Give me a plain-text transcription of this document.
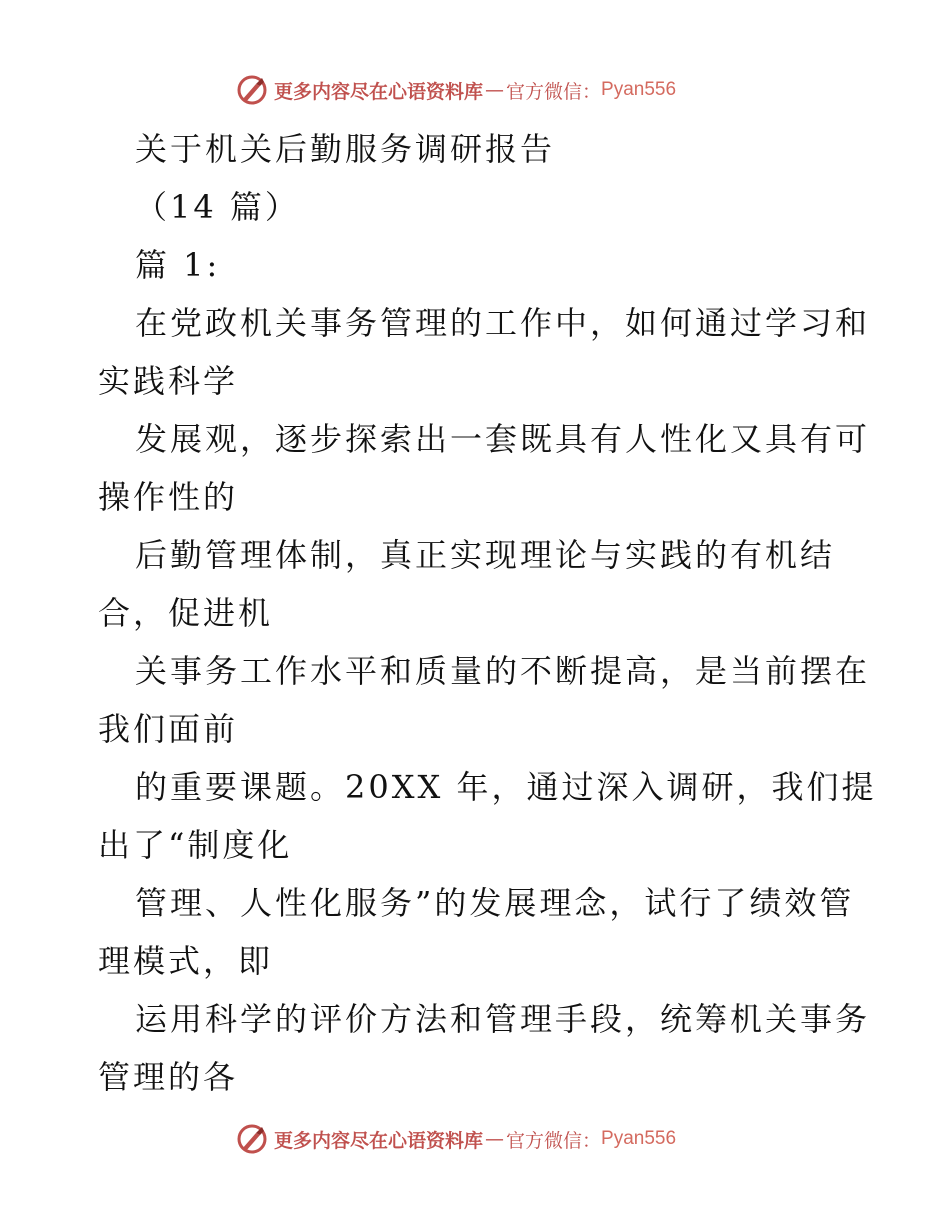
更多内容尽在心语资料库 — 官方微信： Pyan556
关于机关后勤服务调研报告
（14 篇）
篇 1:
在党政机关事务管理的工作中，如何通过学习和
实践科学
发展观，逐步探索出一套既具有人性化又具有可
操作性的
后勤管理体制，真正实现理论与实践的有机结
合，促进机
关事务工作水平和质量的不断提高，是当前摆在
我们面前
的重要课题。20XX 年，通过深入调研，我们提
出了“制度化
管理、人性化服务”的发展理念，试行了绩效管
理模式，即
运用科学的评价方法和管理手段，统筹机关事务
管理的各
更多内容尽在心语资料库 — 官方微信： Pyan556
